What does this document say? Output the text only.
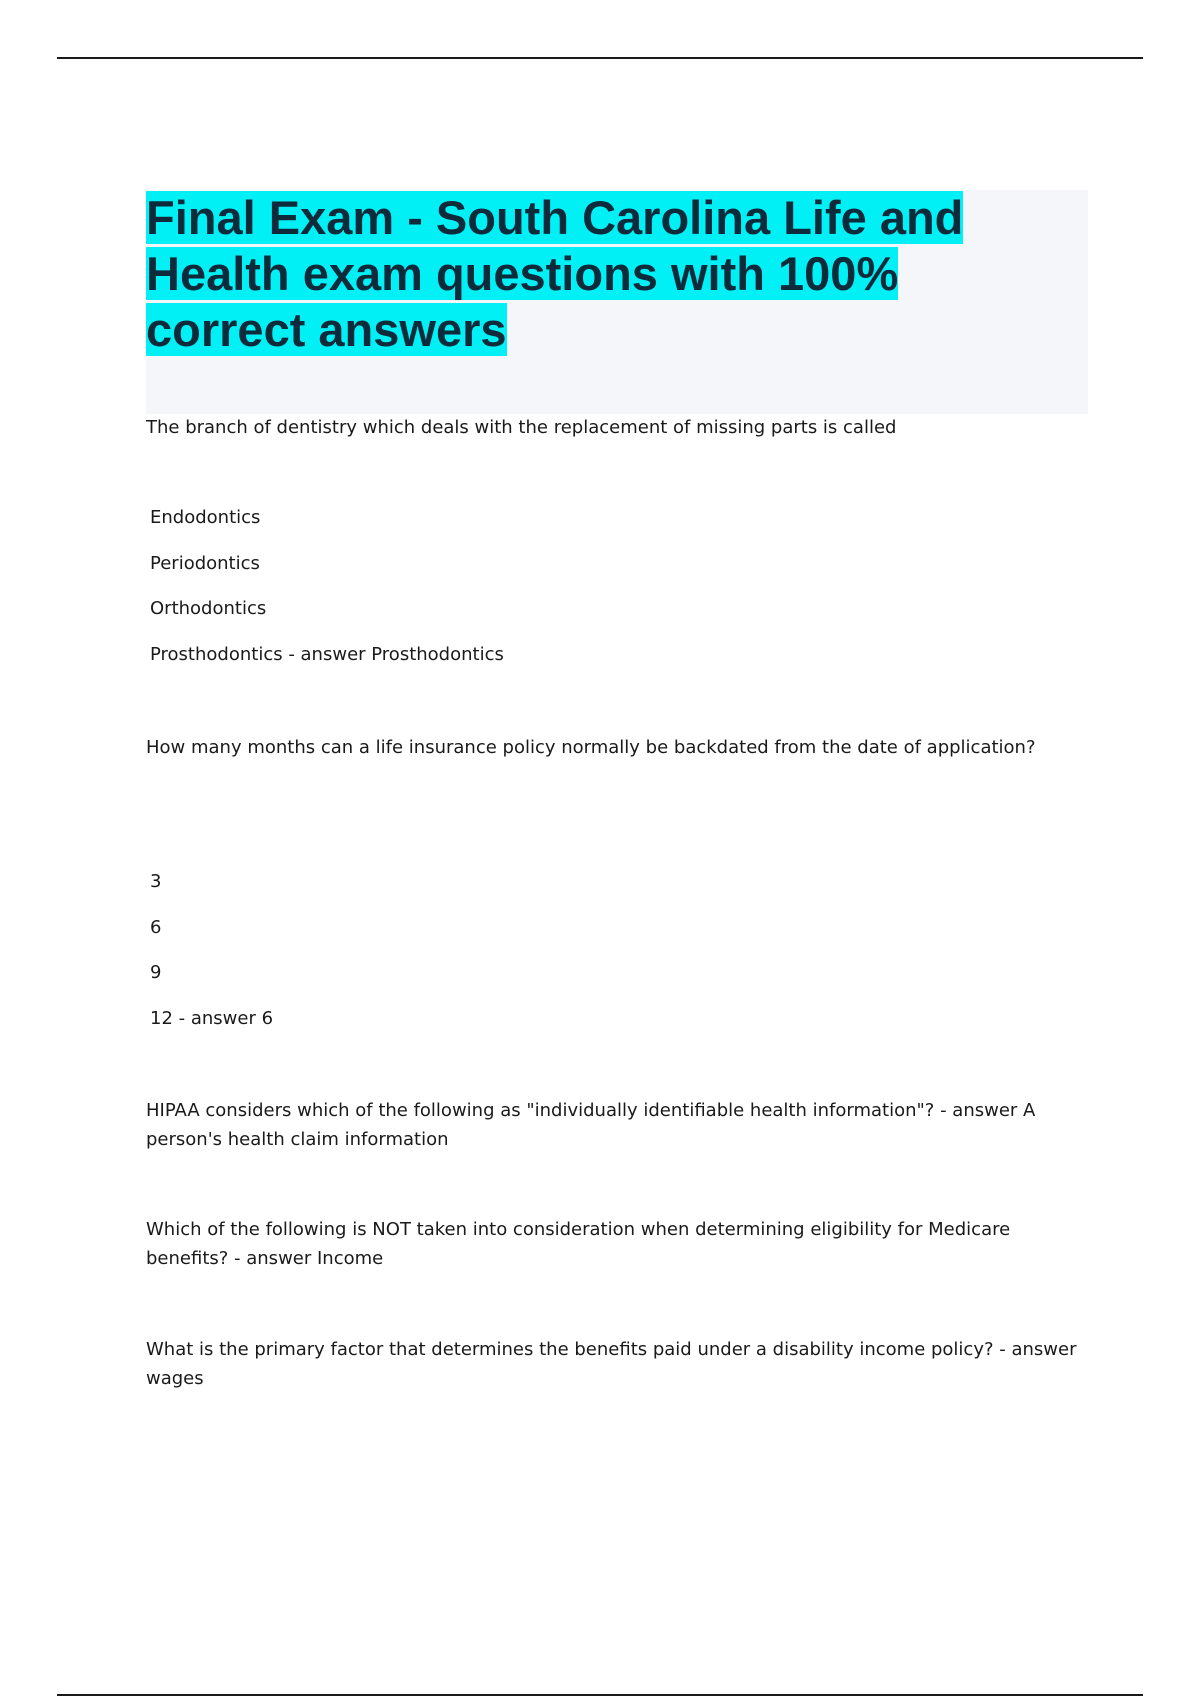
Final Exam - South Carolina Life and Health exam questions with 100% correct answers

The branch of dentistry which deals with the replacement of missing parts is called

Endodontics

Periodontics

Orthodontics

Prosthodontics - answer Prosthodontics

How many months can a life insurance policy normally be backdated from the date of application?

3

6

9

12 - answer 6

HIPAA considers which of the following as "individually identifiable health information"? - answer A person's health claim information

Which of the following is NOT taken into consideration when determining eligibility for Medicare benefits? - answer Income

What is the primary factor that determines the benefits paid under a disability income policy? - answer wages
